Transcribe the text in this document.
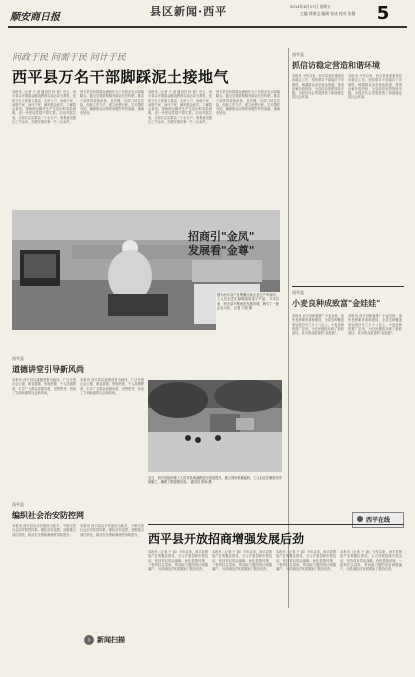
顺安商日报	县区新闻·西平	2014年6月27日 星期五
主编 郑海宝 编辑 张成 校对 张静	5
问政于民 问需于民 问计于民
西平县万名干部脚踩泥土接地气
本报讯（记者 于 丽 通讯员 杨 建）近日，西平县以开展群众路线教育实践活动为契机，组织万名干部深入基层，走村入户，问政于民、问需于民、问计于民，倾听群众呼声，了解群众诉求，帮助群众解决生产生活中的实际困难，进一步密切党群干群关系。活动开展以来，全县共走访群众二十余万户，收集意见建议三千余条，办理实事好事一千二百余件。
西平县坚持把群众满意作为工作的出发点和落脚点，健全完善联系服务群众长效机制，推动干部作风持续好转。各乡镇、各部门结合实际，创新工作方法，建立民情台账，实行限时办结，确保群众反映的问题件件有着落、事事有回音。
本报讯（记者 于 丽 通讯员 杨 建）近日，西平县以开展群众路线教育实践活动为契机，组织万名干部深入基层，走村入户，问政于民、问需于民、问计于民，倾听群众呼声，了解群众诉求，帮助群众解决生产生活中的实际困难，进一步密切党群干群关系。活动开展以来，全县共走访群众二十余万户，收集意见建议三千余条，办理实事好事一千二百余件。
西平县坚持把群众满意作为工作的出发点和落脚点，健全完善联系服务群众长效机制，推动干部作风持续好转。各乡镇、各部门结合实际，创新工作方法，建立民情台账，实行限时办结，确保群众反映的问题件件有着落、事事有回音。
招商引"金凤"
发展看"金尊"
图为西平县产业集聚区某企业生产车间内，工人们正在忙碌地组装电子产品。今年以来，西平县不断优化发展环境，吸引了一批企业入驻。 记者 于丽 摄
西平县
抓信访稳定营造和谐环境
本报讯 今年以来，西平县高度重视信访稳定工作，坚持领导干部接访下访制度，畅通群众诉求表达渠道，排查化解矛盾纠纷，全县信访形势持续平稳，为经济社会发展营造了和谐稳定的社会环境。
本报讯 今年以来，西平县高度重视信访稳定工作，坚持领导干部接访下访制度，畅通群众诉求表达渠道，排查化解矛盾纠纷，全县信访形势持续平稳，为经济社会发展营造了和谐稳定的社会环境。
西平县
小麦良种成致富"金娃娃"
本报讯 西平县积极推广小麦良种，加快良种繁育基地建设，全县良种覆盖率达到百分之九十八以上。小麦良种的推广应用，为农民增收开辟了新的途径，成为群众致富的"金娃娃"。
本报讯 西平县积极推广小麦良种，加快良种繁育基地建设，全县良种覆盖率达到百分之九十八以上。小麦良种的推广应用，为农民增收开辟了新的途径，成为群众致富的"金娃娃"。
西平在线
西平县
道德讲堂引导新风尚
本报讯 西平县以道德讲堂为载体，广泛开展社会公德、职业道德、家庭美德、个人品德教育，引导广大群众崇德向善、见贤思齐，形成了文明和谐的社会新风尚。
本报讯 西平县以道德讲堂为载体，广泛开展社会公德、职业道德、家庭美德、个人品德教育，引导广大群众崇德向善、见贤思齐，形成了文明和谐的社会新风尚。
近日，西平县组织施工人员对县城道路进行改造提升，施工现场机械轰鸣，工人们正在紧张有序地施工，确保工程按期完成。 通讯员 张海 摄
西平县
编织社会治安防控网
本报讯 西平县以平安建设为抓手，不断完善社会治安防控体系，强化治安巡逻，加强重点部位防范，群众安全感和满意度持续提升。
本报讯 西平县以平安建设为抓手，不断完善社会治安防控体系，强化治安巡逻，加强重点部位防范，群众安全感和满意度持续提升。
› 新闻扫描
西平县开放招商增强发展后劲
本报讯（记者 于 丽）今年以来，西平县围绕产业集聚区建设，大力开展招商引资活动，坚持项目带动战略，优化投资环境，一批科技含量高、带动能力强的项目相继落户，为县域经济发展增添了强劲后劲。
本报讯（记者 于 丽）今年以来，西平县围绕产业集聚区建设，大力开展招商引资活动，坚持项目带动战略，优化投资环境，一批科技含量高、带动能力强的项目相继落户，为县域经济发展增添了强劲后劲。
本报讯（记者 于 丽）今年以来，西平县围绕产业集聚区建设，大力开展招商引资活动，坚持项目带动战略，优化投资环境，一批科技含量高、带动能力强的项目相继落户，为县域经济发展增添了强劲后劲。
本报讯（记者 于 丽）今年以来，西平县围绕产业集聚区建设，大力开展招商引资活动，坚持项目带动战略，优化投资环境，一批科技含量高、带动能力强的项目相继落户，为县域经济发展增添了强劲后劲。
